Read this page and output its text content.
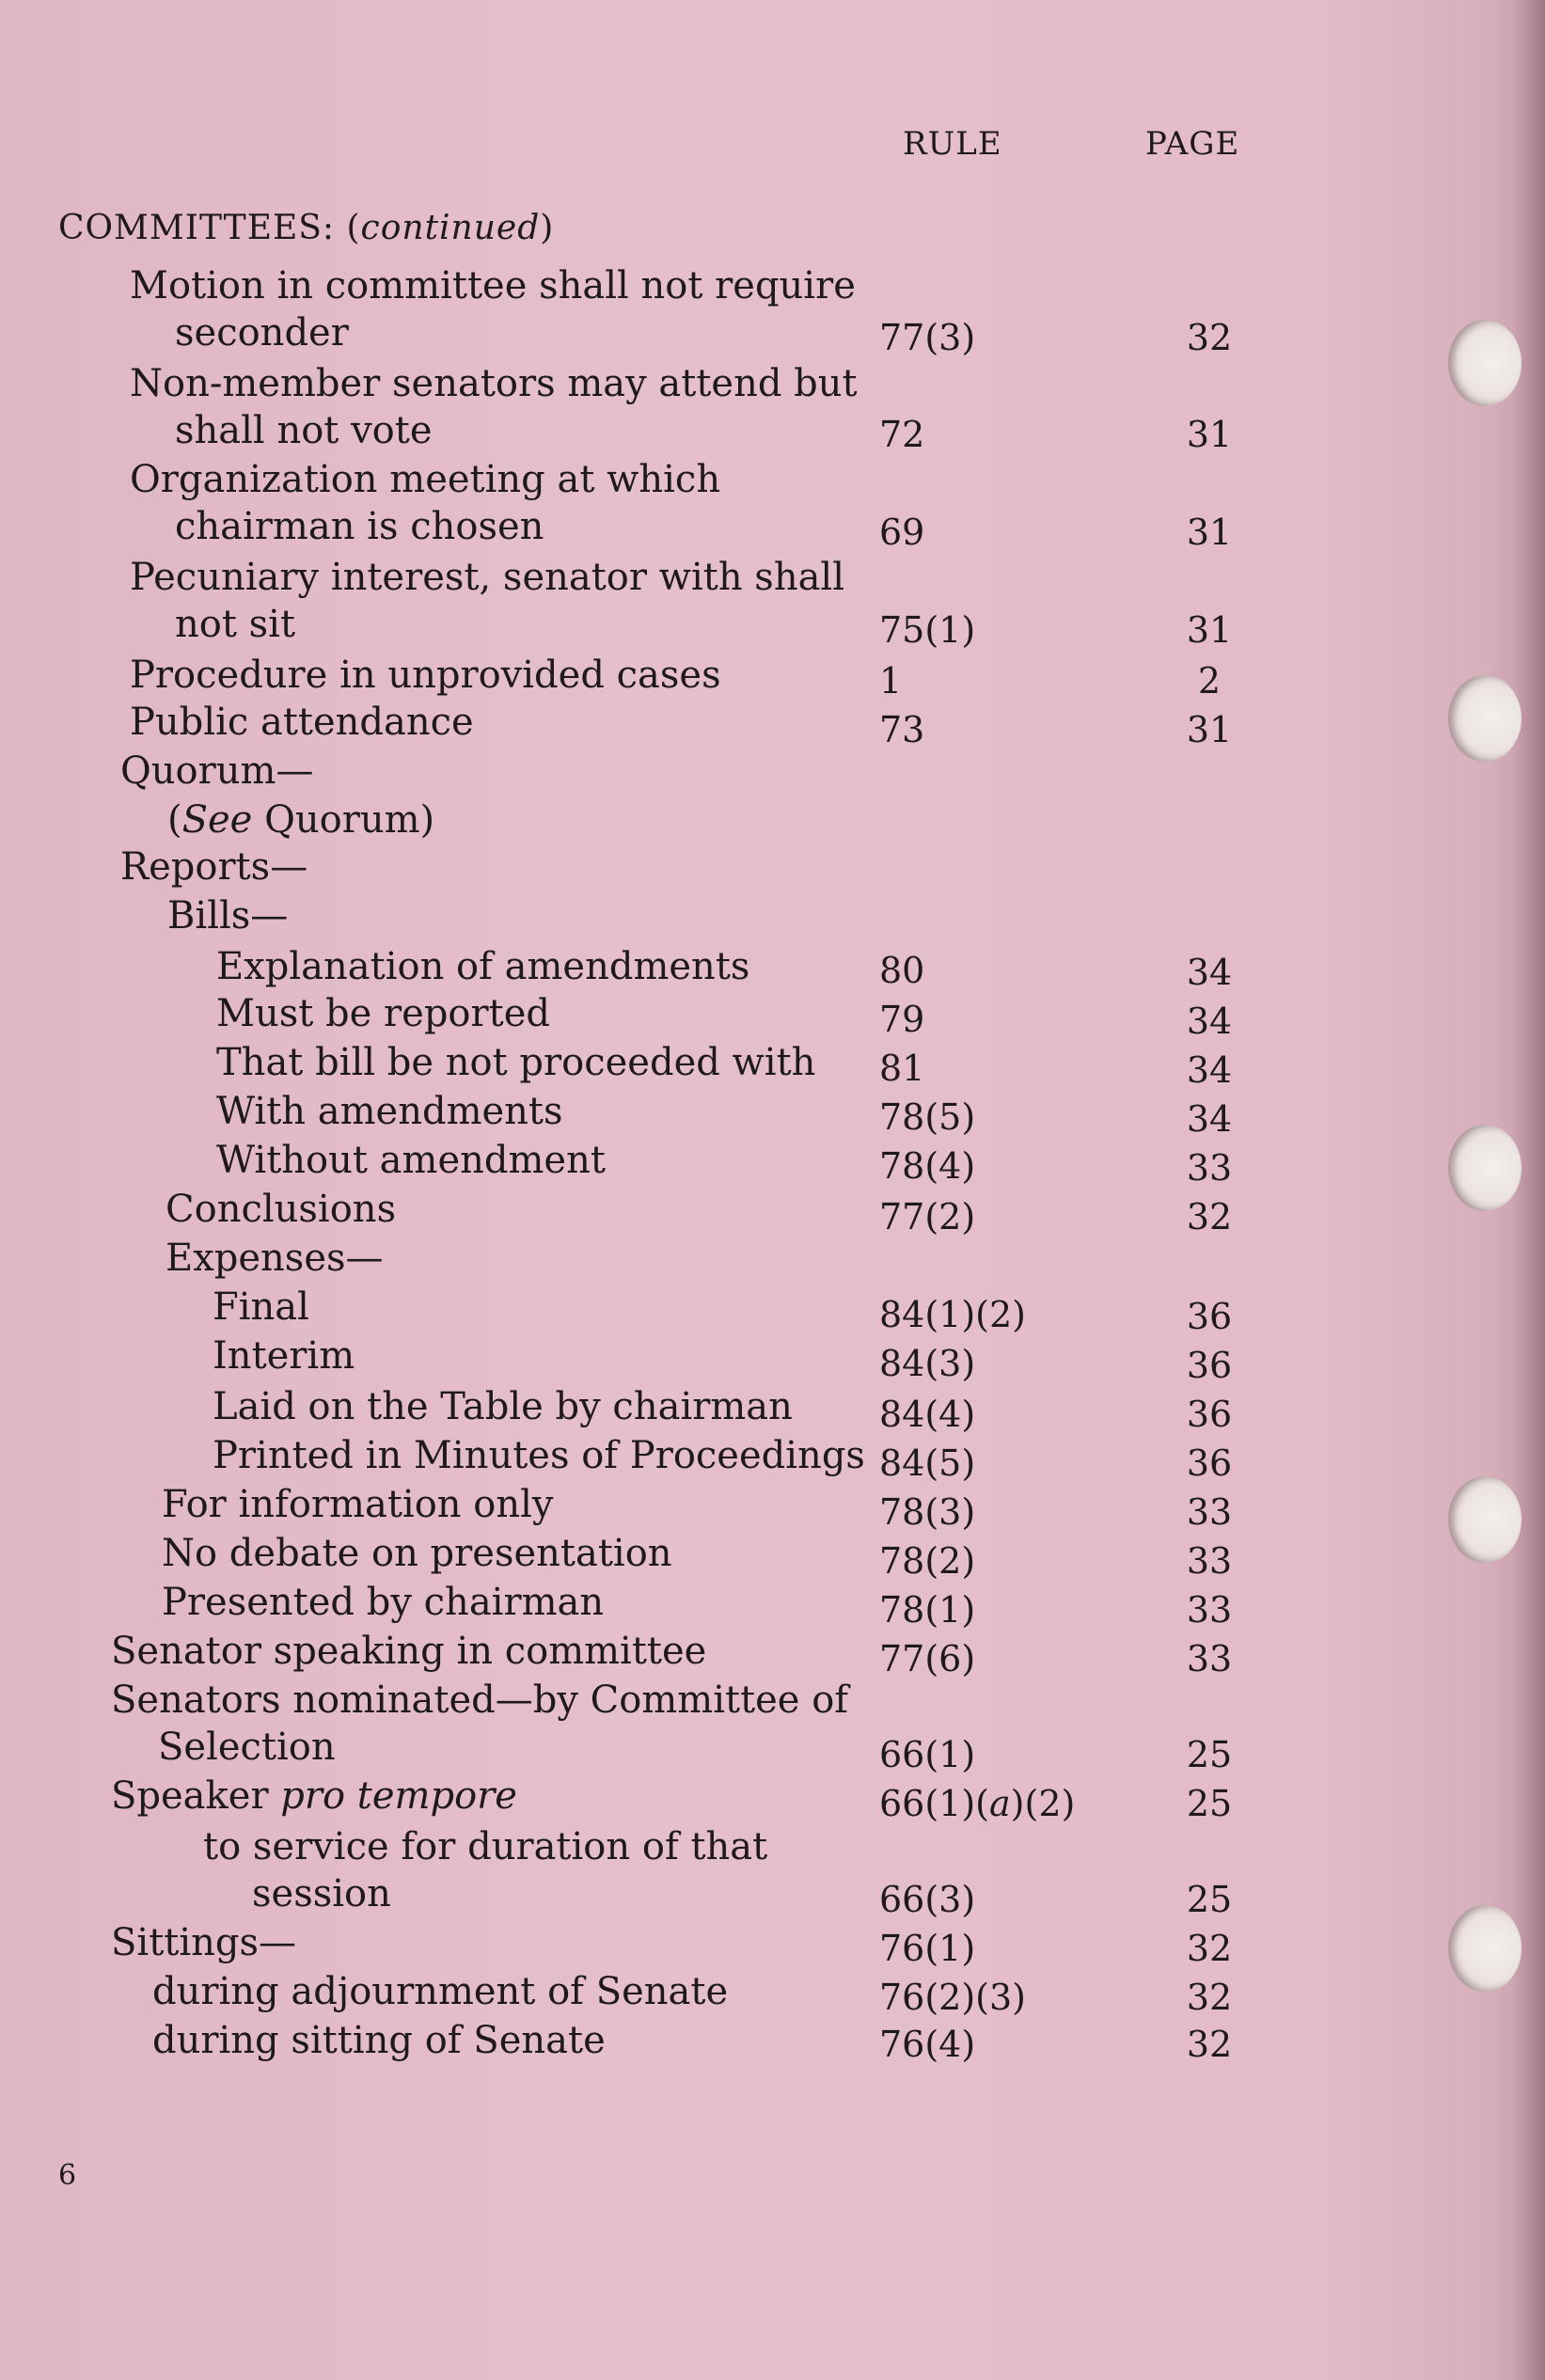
RULE	PAGE
COMMITTEES: (continued)
Motion in committee shall not require
seconder	77(3)	32
Non-member senators may attend but
shall not vote	72	31
Organization meeting at which
chairman is chosen	69	31
Pecuniary interest, senator with shall
not sit	75(1)	31
Procedure in unprovided cases	1	2
Public attendance	73	31
Quorum—
(See Quorum)
Reports—
Bills—
Explanation of amendments	80	34
Must be reported	79	34
That bill be not proceeded with 81	34
With amendments	78(5)	34
Without amendment	78(4)	33
Conclusions	77(2)	32
Expenses—
Final	84(1)(2)	36
Interim	84(3)	36
Laid on the Table by chairman 84(4)	36
Printed in Minutes of Proceedings 84(5)	36
For information only	78(3)	33
No debate on presentation	78(2)	33
Presented by chairman	78(1)	33
Senator speaking in committee	77(6)	33
Senators nominated—by Committee of
Selection	66(1)	25
Speaker pro tempore	66(1)(a)(2)	25
to service for duration of that
session	66(3)	25
Sittings—	76(1)	32
during adjournment of Senate	76(2)(3)	32
during sitting of Senate	76(4)	32
6
